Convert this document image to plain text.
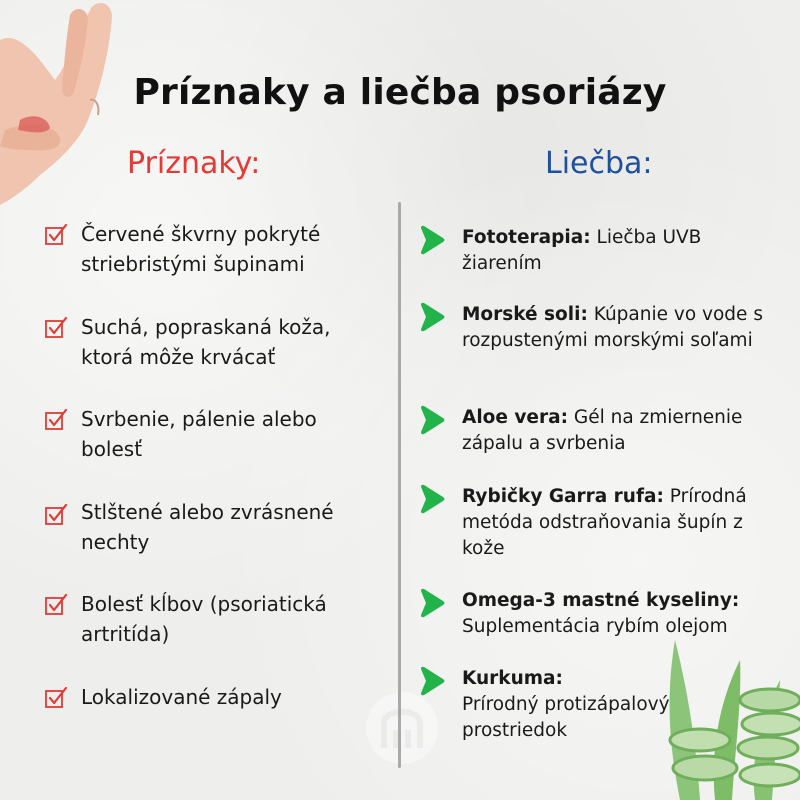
Príznaky a liečba psoriázy
Príznaky:	Liečba:
Červené škvrny pokryté striebristými šupinami
Suchá, popraskaná koža, ktorá môže krvácať
Svrbenie, pálenie alebo bolesť
Stlštené alebo zvrásnené nechty
Bolesť kĺbov (psoriatická artritída)
Lokalizované zápaly
Fototerapia: Liečba UVB žiarením
Morské soli: Kúpanie vo vode s rozpustenými morskými soľami
Aloe vera: Gél na zmiernenie zápalu a svrbenia
Rybičky Garra rufa: Prírodná metóda odstraňovania šupín z kože
Omega-3 mastné kyseliny:
Suplementácia rybím olejom
Kurkuma:
Prírodný protizápalový prostriedok
